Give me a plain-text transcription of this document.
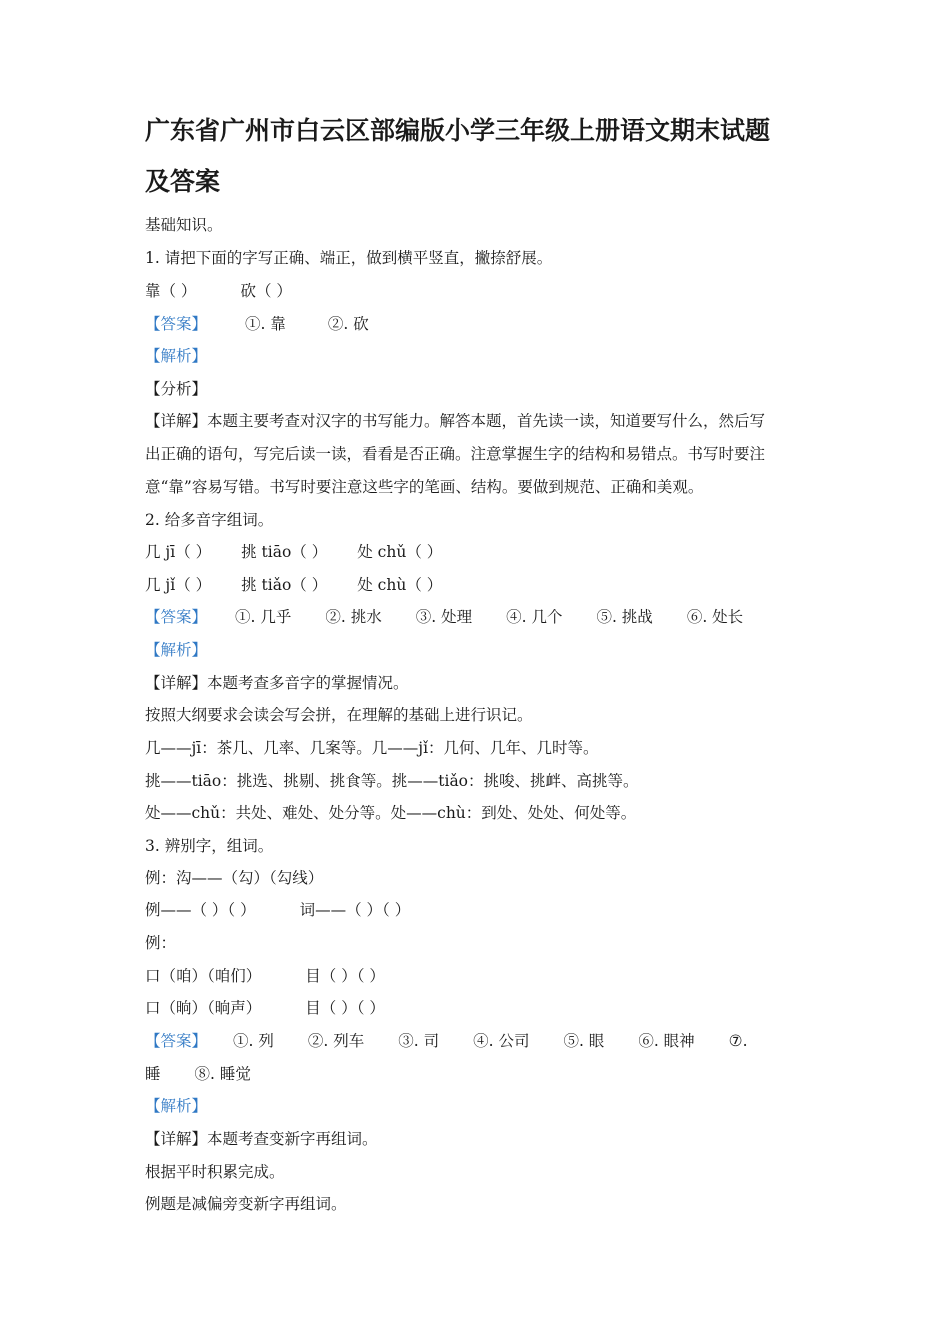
广东省广州市白云区部编版小学三年级上册语文期末试题
及答案
基础知识。
1. 请把下面的字写正确、端正，做到横平竖直，撇捺舒展。
靠（ ）	砍（ ）
【答案】 ①. 靠	②. 砍
【解析】
【分析】
【详解】本题主要考查对汉字的书写能力。解答本题，首先读一读，知道要写什么，然后写
出正确的语句，写完后读一读，看看是否正确。注意掌握生字的结构和易错点。书写时要注
意“靠”容易写错。书写时要注意这些字的笔画、结构。要做到规范、正确和美观。
2. 给多音字组词。
几 jī（ ） 挑 tiāo（ ） 处 chǔ（ ）
几 jǐ（ ） 挑 tiǎo（ ） 处 chù（ ）
【答案】 ①. 几乎 ②. 挑水 ③. 处理 ④. 几个 ⑤. 挑战 ⑥. 处长
【解析】
【详解】本题考查多音字的掌握情况。
按照大纲要求会读会写会拼，在理解的基础上进行识记。
几——jī：茶几、几率、几案等。几——jǐ：几何、几年、几时等。
挑——tiāo：挑选、挑剔、挑食等。挑——tiǎo：挑唆、挑衅、高挑等。
处——chǔ：共处、难处、处分等。处——chù：到处、处处、何处等。
3. 辨别字，组词。
例：沟——（勾）（勾线）
例——（ ）（ ）	词——（ ）（ ）
例：
口（咱）（咱们）	目（ ）（ ）
口（晌）（晌声）	目（ ）（ ）
【答案】 ①. 列 ②. 列车 ③. 司 ④. 公司 ⑤. 眼 ⑥. 眼神 ⑦.
睡 ⑧. 睡觉
【解析】
【详解】本题考查变新字再组词。
根据平时积累完成。
例题是减偏旁变新字再组词。
